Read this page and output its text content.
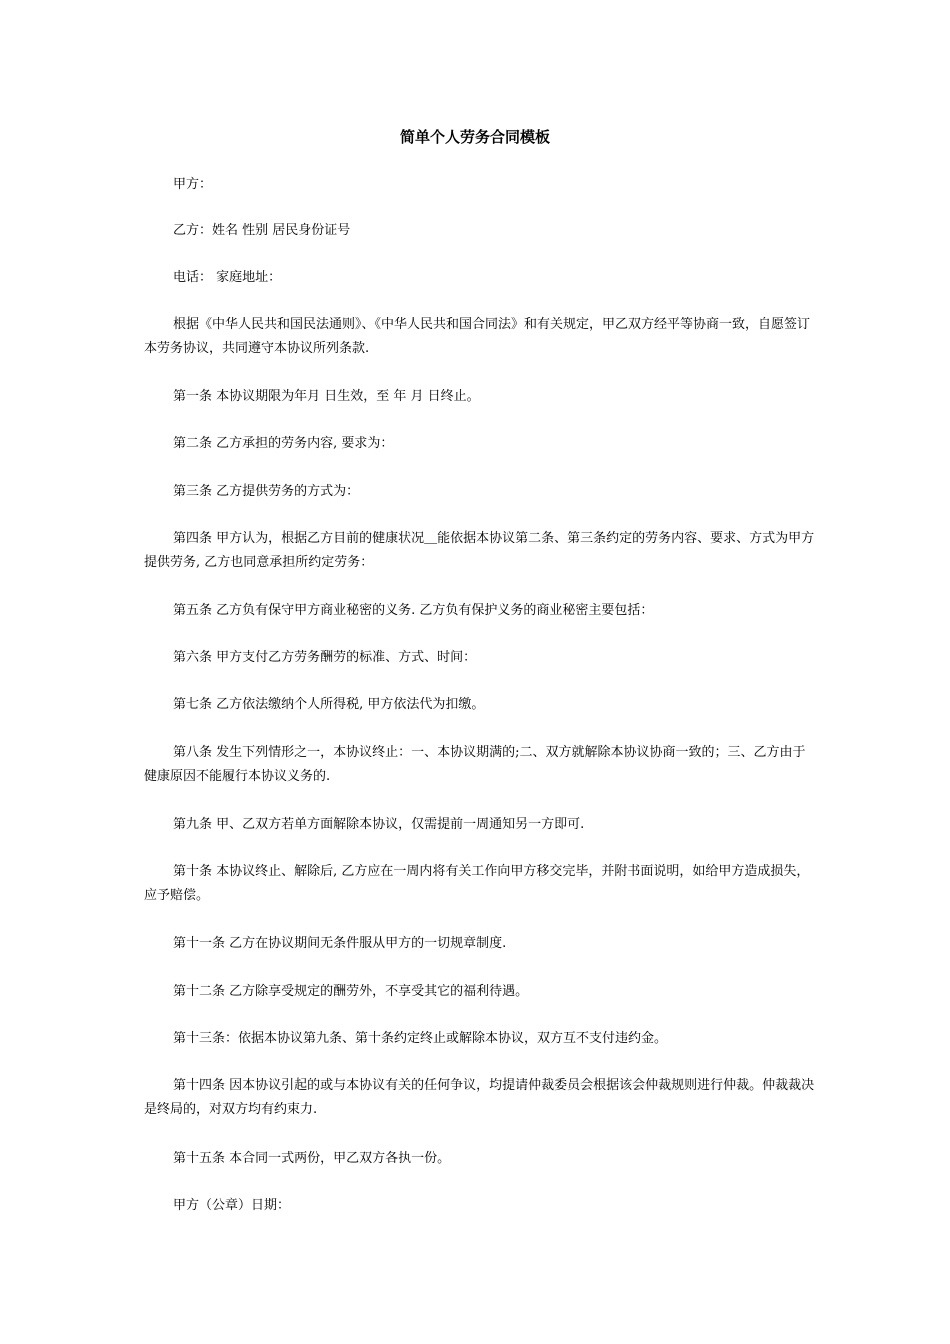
简单个人劳务合同模板

甲方：

乙方：姓名 性别 居民身份证号

电话： 家庭地址：

根据《中华人民共和国民法通则》、《中华人民共和国合同法》和有关规定，甲乙双方经平等协商一致，自愿签订本劳务协议，共同遵守本协议所列条款.

第一条 本协议期限为年月 日生效，至 年 月 日终止。

第二条 乙方承担的劳务内容, 要求为：

第三条 乙方提供劳务的方式为：

第四条 甲方认为，根据乙方目前的健康状况＿能依据本协议第二条、第三条约定的劳务内容、要求、方式为甲方提供劳务, 乙方也同意承担所约定劳务：

第五条 乙方负有保守甲方商业秘密的义务. 乙方负有保护义务的商业秘密主要包括：

第六条 甲方支付乙方劳务酬劳的标准、方式、时间：

第七条 乙方依法缴纳个人所得税, 甲方依法代为扣缴。

第八条 发生下列情形之一，本协议终止：一、本协议期满的;二、双方就解除本协议协商一致的；三、乙方由于健康原因不能履行本协议义务的.

第九条 甲、乙双方若单方面解除本协议，仅需提前一周通知另一方即可.

第十条 本协议终止、解除后, 乙方应在一周内将有关工作向甲方移交完毕，并附书面说明，如给甲方造成损失，应予赔偿。

第十一条 乙方在协议期间无条件服从甲方的一切规章制度.

第十二条 乙方除享受规定的酬劳外，不享受其它的福利待遇。

第十三条：依据本协议第九条、第十条约定终止或解除本协议，双方互不支付违约金。

第十四条 因本协议引起的或与本协议有关的任何争议，均提请仲裁委员会根据该会仲裁规则进行仲裁。仲裁裁决是终局的，对双方均有约束力.

第十五条 本合同一式两份，甲乙双方各执一份。

甲方（公章）日期：
